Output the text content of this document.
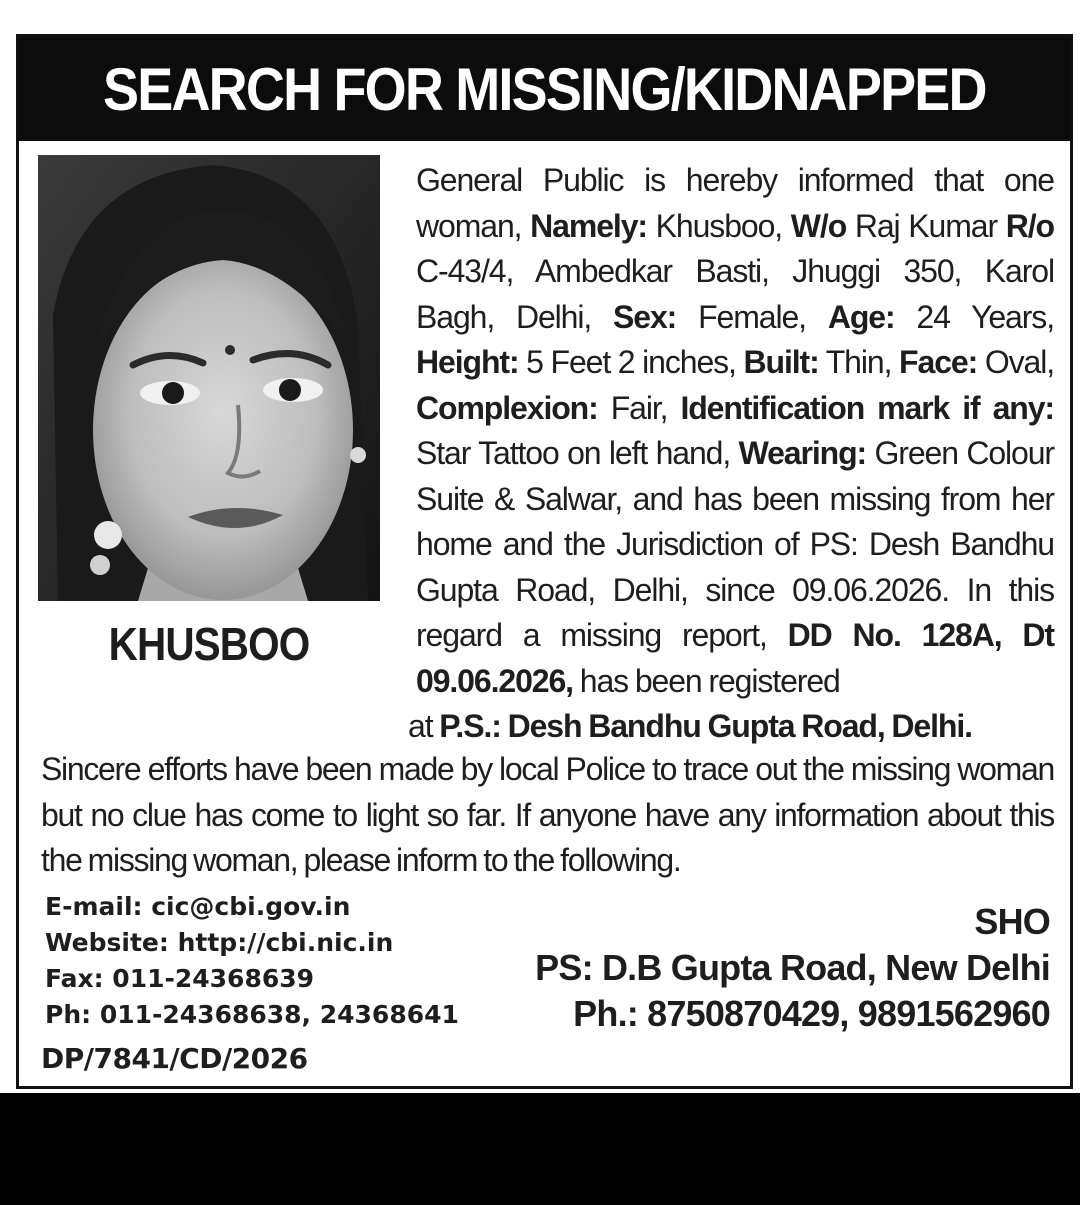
SEARCH FOR MISSING/KIDNAPPED
KHUSBOO
General Public is hereby informed that one woman, Namely: Khusboo, W/o Raj Kumar R/o C-43/4, Ambedkar Basti, Jhuggi 350, Karol Bagh, Delhi, Sex: Female, Age: 24 Years, Height: 5 Feet 2 inches, Built: Thin, Face: Oval, Complexion: Fair, Identification mark if any: Star Tattoo on left hand, Wearing: Green Colour Suite & Salwar, and has been missing from her home and the Jurisdiction of PS: Desh Bandhu Gupta Road, Delhi, since 09.06.2026. In this regard a missing report, DD No. 128A, Dt 09.06.2026, has been registered
at P.S.: Desh Bandhu Gupta Road, Delhi.
Sincere efforts have been made by local Police to trace out the missing woman but no clue has come to light so far. If anyone have any information about this the missing woman, please inform to the following.
E-mail: cic@cbi.gov.in
Website: http://cbi.nic.in
Fax: 011-24368639
Ph: 011-24368638, 24368641
DP/7841/CD/2026
SHO
PS: D.B Gupta Road, New Delhi
Ph.: 8750870429, 9891562960
